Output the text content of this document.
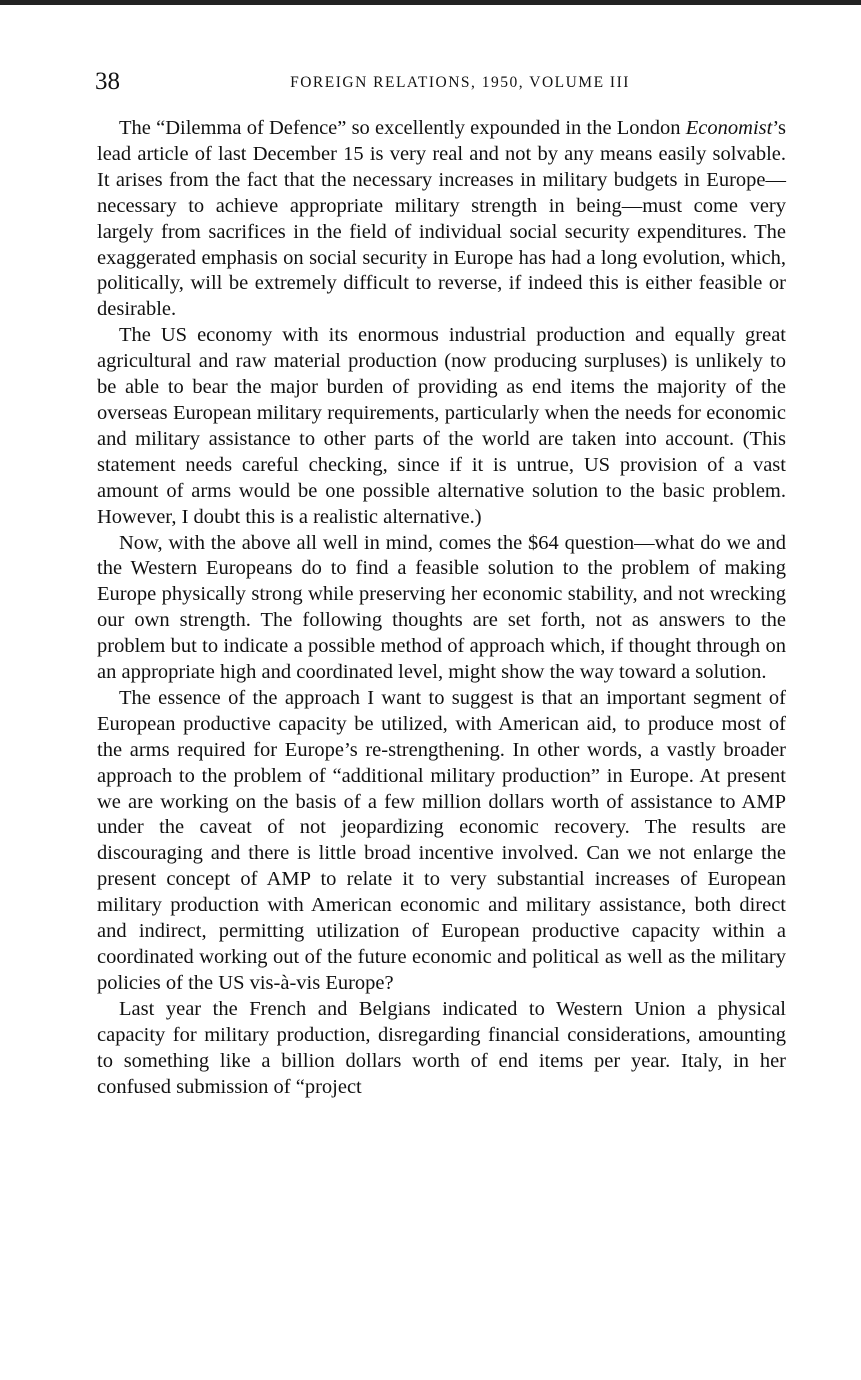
38	FOREIGN RELATIONS, 1950, VOLUME III

The “Dilemma of Defence” so excellently expounded in the London Economist’s lead article of last December 15 is very real and not by any means easily solvable. It arises from the fact that the necessary increases in military budgets in Europe—necessary to achieve appropriate military strength in being—must come very largely from sacrifices in the field of individual social security expenditures. The exaggerated emphasis on social security in Europe has had a long evolution, which, politically, will be extremely difficult to reverse, if indeed this is either feasible or desirable.

The US economy with its enormous industrial production and equally great agricultural and raw material production (now producing surpluses) is unlikely to be able to bear the major burden of providing as end items the majority of the overseas European military requirements, particularly when the needs for economic and military assistance to other parts of the world are taken into account. (This statement needs careful checking, since if it is untrue, US provision of a vast amount of arms would be one possible alternative solution to the basic problem. However, I doubt this is a realistic alternative.)

Now, with the above all well in mind, comes the $64 question—what do we and the Western Europeans do to find a feasible solution to the problem of making Europe physically strong while preserving her economic stability, and not wrecking our own strength. The following thoughts are set forth, not as answers to the problem but to indicate a possible method of approach which, if thought through on an appropriate high and coordinated level, might show the way toward a solution.

The essence of the approach I want to suggest is that an important segment of European productive capacity be utilized, with American aid, to produce most of the arms required for Europe’s re-strengthening. In other words, a vastly broader approach to the problem of “additional military production” in Europe. At present we are working on the basis of a few million dollars worth of assistance to AMP under the caveat of not jeopardizing economic recovery. The results are discouraging and there is little broad incentive involved. Can we not enlarge the present concept of AMP to relate it to very substantial increases of European military production with American economic and military assistance, both direct and indirect, permitting utilization of European productive capacity within a coordinated working out of the future economic and political as well as the military policies of the US vis-à-vis Europe?

Last year the French and Belgians indicated to Western Union a physical capacity for military production, disregarding financial considerations, amounting to something like a billion dollars worth of end items per year. Italy, in her confused submission of “project
